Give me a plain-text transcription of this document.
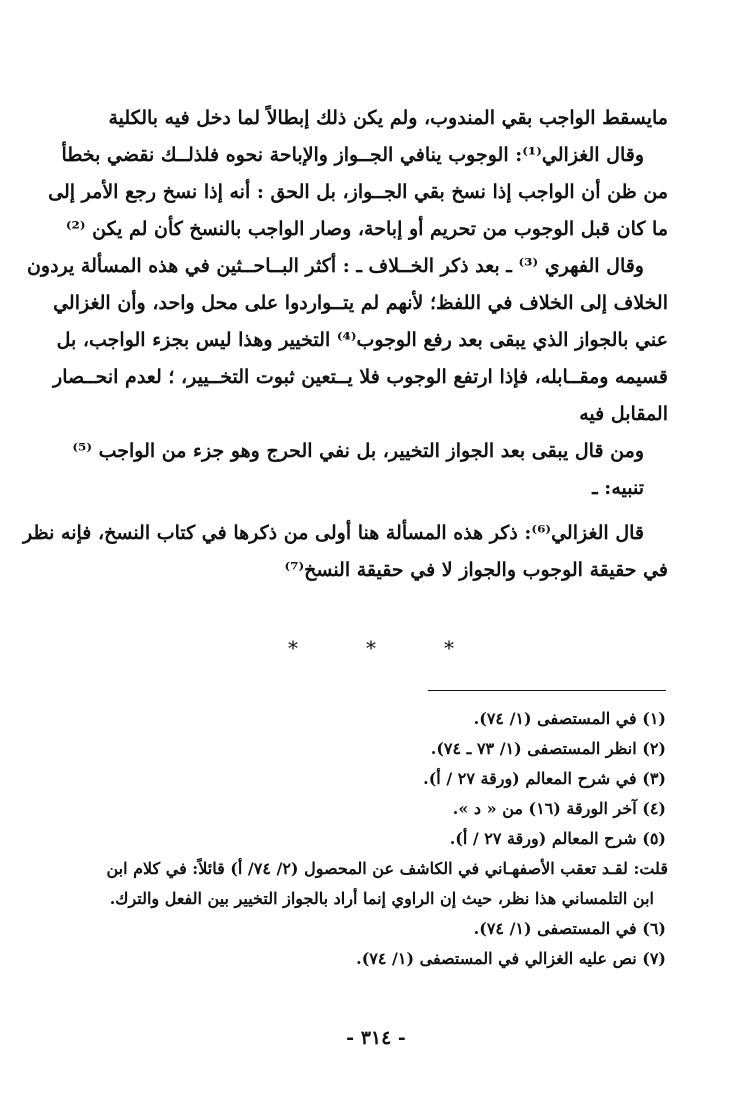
مايسقط الواجب بقي المندوب، ولم يكن ذلك إبطالاً لما دخل فيه بالكلية
وقال الغزالي⁽¹⁾: الوجوب ينافي الجــواز والإباحة نحوه فلذلــك نقضي بخطأ
من ظن أن الواجب إذا نسخ بقي الجــواز، بل الحق : أنه إذا نسخ رجع الأمر إلى
ما كان قبل الوجوب من تحريم أو إباحة، وصار الواجب بالنسخ كأن لم يكن ⁽²⁾
وقال الفهري ⁽³⁾ ـ بعد ذكر الخــلاف ـ : أكثر البــاحــثين في هذه المسألة يردون
الخلاف إلى الخلاف في اللفظ؛ لأنهم لم يتــواردوا على محل واحد، وأن الغزالي
عني بالجواز الذي يبقى بعد رفع الوجوب⁽⁴⁾ التخيير وهذا ليس بجزء الواجب، بل
قسيمه ومقــابله، فإذا ارتفع الوجوب فلا يــتعين ثبوت التخــيير، ؛ لعدم انحــصار
المقابل فيه
ومن قال يبقى بعد الجواز التخيير، بل نفي الحرج وهو جزء من الواجب ⁽⁵⁾
تنبيه: ـ
قال الغزالي⁽⁶⁾: ذكر هذه المسألة هنا أولى من ذكرها في كتاب النسخ، فإنه نظر
في حقيقة الوجوب والجواز لا في حقيقة النسخ⁽⁷⁾
*	*	*
(١) في المستصفى (١/ ٧٤).
(٢) انظر المستصفى (١/ ٧٣ ـ ٧٤).
(٣) في شرح المعالم (ورقة ٢٧ / أ).
(٤) آخر الورقة (١٦) من « د ».
(٥) شرح المعالم (ورقة ٢٧ / أ).
قلت: لقـد تعقب الأصفهـاني في الكاشف عن المحصول (٢/ ٧٤/ أ) قائلاً: في كلام ابن
ابن التلمساني هذا نظر، حيث إن الراوي إنما أراد بالجواز التخيير بين الفعل والترك.
(٦) في المستصفى (١/ ٧٤).
(٧) نص عليه الغزالي في المستصفى (١/ ٧٤).
- ٣١٤ -
